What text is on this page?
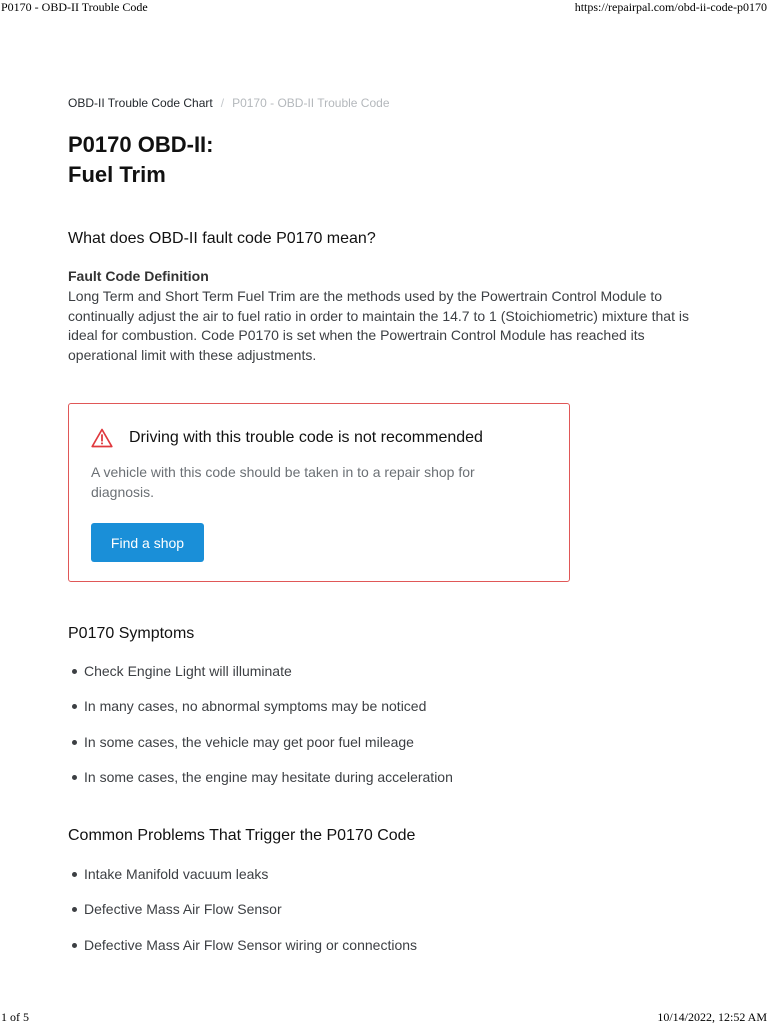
P0170 - OBD-II Trouble Code	https://repairpal.com/obd-ii-code-p0170
OBD-II Trouble Code Chart / P0170 - OBD-II Trouble Code
P0170 OBD-II:
Fuel Trim
What does OBD-II fault code P0170 mean?
Fault Code Definition
Long Term and Short Term Fuel Trim are the methods used by the Powertrain Control Module to continually adjust the air to fuel ratio in order to maintain the 14.7 to 1 (Stoichiometric) mixture that is ideal for combustion. Code P0170 is set when the Powertrain Control Module has reached its operational limit with these adjustments.
Driving with this trouble code is not recommended
A vehicle with this code should be taken in to a repair shop for diagnosis.
Find a shop
P0170 Symptoms
Check Engine Light will illuminate
In many cases, no abnormal symptoms may be noticed
In some cases, the vehicle may get poor fuel mileage
In some cases, the engine may hesitate during acceleration
Common Problems That Trigger the P0170 Code
Intake Manifold vacuum leaks
Defective Mass Air Flow Sensor
Defective Mass Air Flow Sensor wiring or connections
1 of 5	10/14/2022, 12:52 AM
